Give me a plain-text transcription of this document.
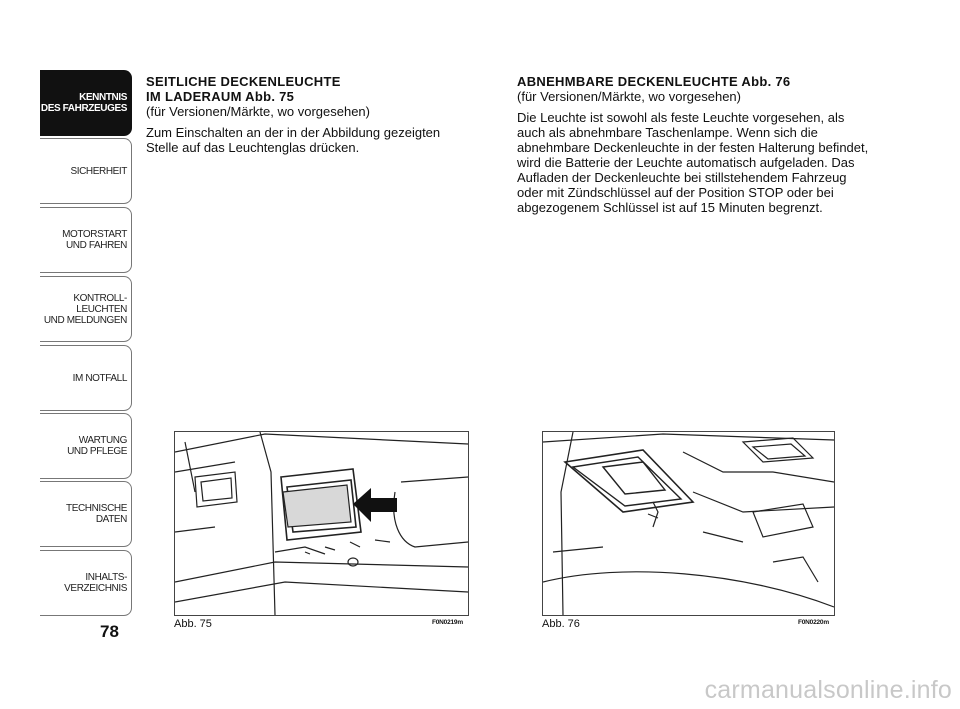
KENNTNIS
DES FAHRZEUGES
SICHERHEIT
MOTORSTART
UND FAHREN
KONTROLL-
LEUCHTEN
UND MELDUNGEN
IM NOTFALL
WARTUNG
UND PFLEGE
TECHNISCHE
DATEN
INHALTS-
VERZEICHNIS
78
SEITLICHE DECKENLEUCHTE
IM LADERAUM Abb. 75

(für Versionen/Märkte, wo vorgesehen)

Zum Einschalten an der in der Abbildung gezeigten Stelle auf das Leuchtenglas drücken.

ABNEHMBARE DECKENLEUCHTE Abb. 76

(für Versionen/Märkte, wo vorgesehen)

Die Leuchte ist sowohl als feste Leuchte vorgesehen, als auch als abnehmbare Taschenlampe. Wenn sich die abnehmbare Deckenleuchte in der festen Halterung befindet, wird die Batterie der Leuchte automatisch aufgeladen. Das Aufladen der Deckenleuchte bei stillstehendem Fahrzeug oder mit Zündschlüssel auf der Position STOP oder bei abgezogenem Schlüssel ist auf 15 Minuten begrenzt.

Abb. 75	F0N0219m	Abb. 76	F0N0220m
carmanualsonline.info
